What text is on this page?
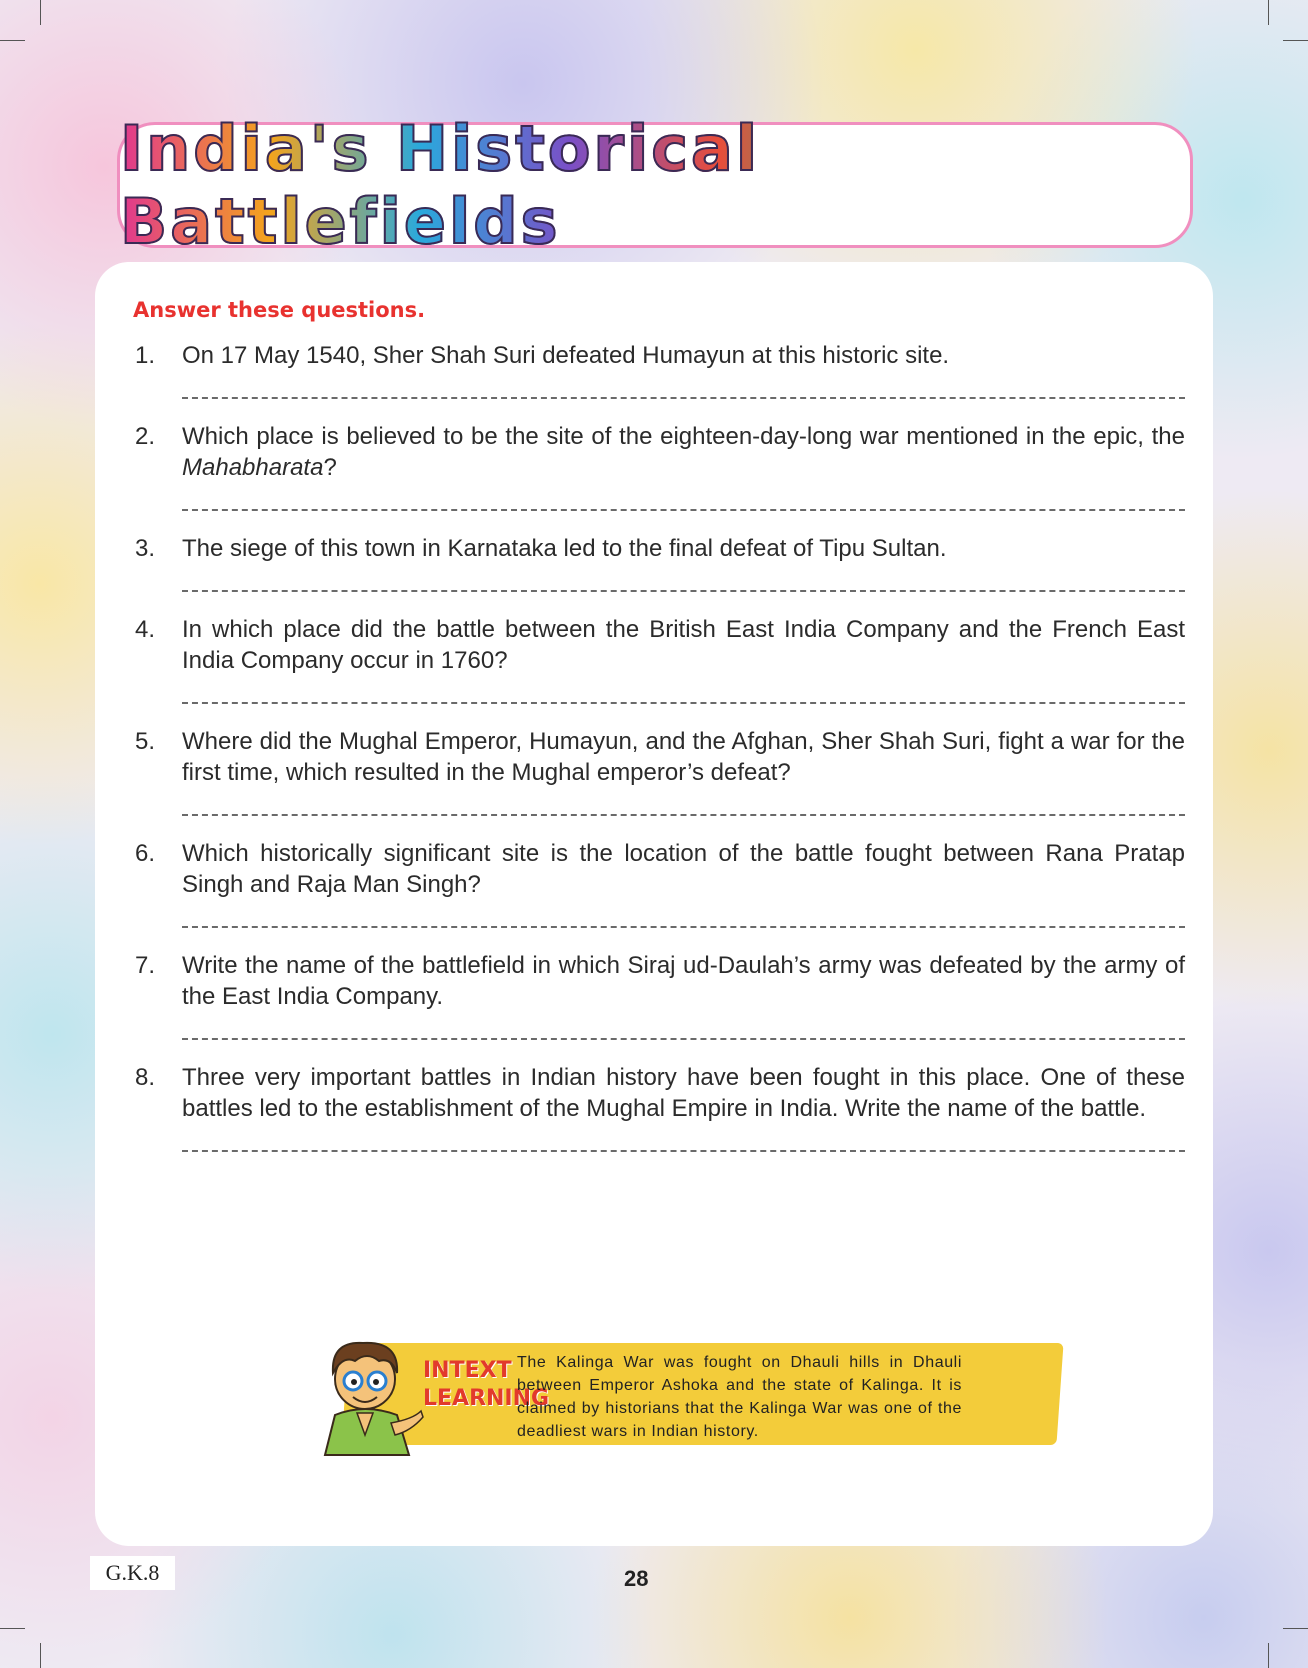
India's Historical Battlefields
Answer these questions.
1. On 17 May 1540, Sher Shah Suri defeated Humayun at this historic site.
2. Which place is believed to be the site of the eighteen-day-long war mentioned in the epic, the Mahabharata?
3. The siege of this town in Karnataka led to the final defeat of Tipu Sultan.
4. In which place did the battle between the British East India Company and the French East India Company occur in 1760?
5. Where did the Mughal Emperor, Humayun, and the Afghan, Sher Shah Suri, fight a war for the first time, which resulted in the Mughal emperor’s defeat?
6. Which historically significant site is the location of the battle fought between Rana Pratap Singh and Raja Man Singh?
7. Write the name of the battlefield in which Siraj ud-Daulah’s army was defeated by the army of the East India Company.
8. Three very important battles in Indian history have been fought in this place. One of these battles led to the establishment of the Mughal Empire in India. Write the name of the battle.
INTEXT
LEARNING
The Kalinga War was fought on Dhauli hills in Dhauli between Emperor Ashoka and the state of Kalinga. It is claimed by historians that the Kalinga War was one of the deadliest wars in Indian history.
G.K.8	28
